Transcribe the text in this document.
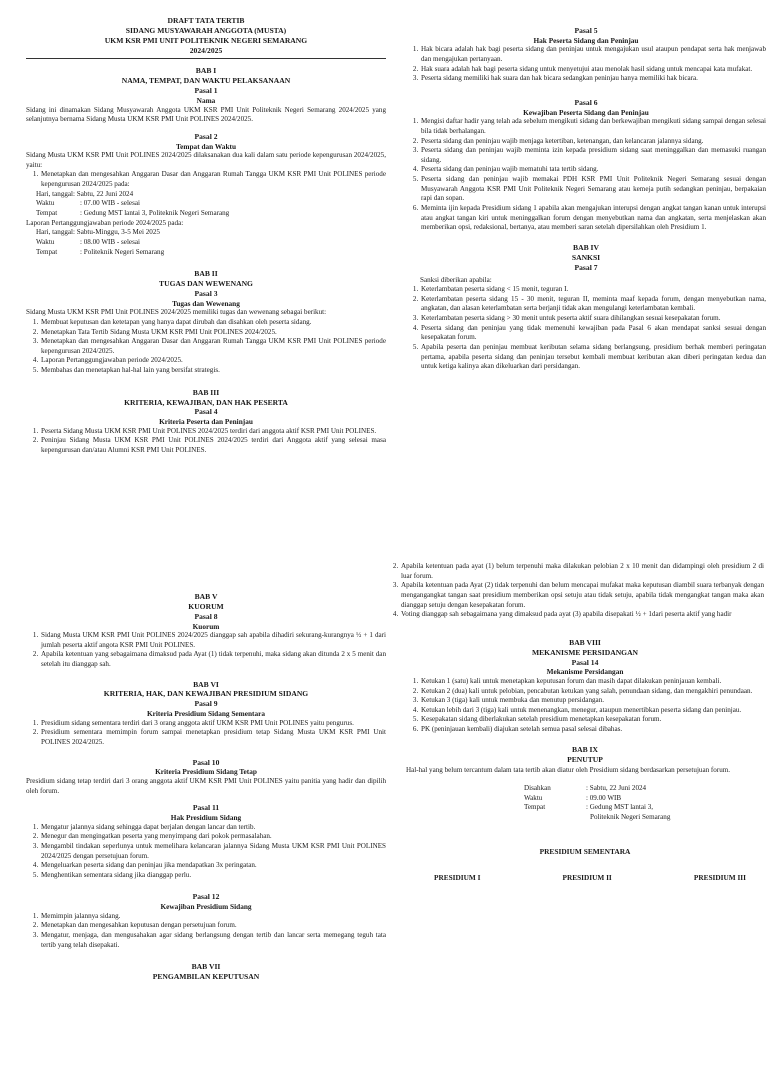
DRAFT TATA TERTIB
SIDANG MUSYAWARAH ANGGOTA (MUSTA)
UKM KSR PMI UNIT POLITEKNIK NEGERI SEMARANG
2024/2025
BAB I
NAMA, TEMPAT, DAN WAKTU PELAKSANAAN
Pasal 1
Nama

Sidang ini dinamakan Sidang Musyawarah Anggota UKM KSR PMI Unit Politeknik Negeri Semarang 2024/2025 yang selanjutnya bernama Sidang Musta UKM KSR PMI Unit POLINES 2024/2025.

Pasal 2
Tempat dan Waktu

Sidang Musta UKM KSR PMI Unit POLINES 2024/2025 dilaksanakan dua kali dalam satu periode kepengurusan 2024/2025, yaitu:

1. Menetapkan dan mengesahkan Anggaran Dasar dan Anggaran Rumah Tangga UKM KSR PMI Unit POLINES periode kepengurusan 2024/2025 pada:
Hari, tanggal: Sabtu, 22 Juni 2024
Waktu	: 07.00 WIB - selesai
Tempat	: Gedung MST lantai 3, Politeknik Negeri Semarang
Laporan Pertanggungjawaban periode 2024/2025 pada:
Hari, tanggal: Sabtu-Minggu, 3-5 Mei 2025
Waktu	: 08.00 WIB - selesai
Tempat	: Politeknik Negeri Semarang
BAB II
TUGAS DAN WEWENANG
Pasal 3
Tugas dan Wewenang

Sidang Musta UKM KSR PMI Unit POLINES 2024/2025 memiliki tugas dan wewenang sebagai berikut:

1. Membuat keputusan dan ketetapan yang hanya dapat dirubah dan disahkan oleh peserta sidang.
2. Menetapkan Tata Tertib Sidang Musta UKM KSR PMI Unit POLINES 2024/2025.
3. Menetapkan dan mengesahkan Anggaran Dasar dan Anggaran Rumah Tangga UKM KSR PMI Unit POLINES periode kepengurusan 2024/2025.
4. Laporan Pertanggungjawaban periode 2024/2025.
5. Membahas dan menetapkan hal-hal lain yang bersifat strategis.
BAB III
KRITERIA, KEWAJIBAN, DAN HAK PESERTA
Pasal 4
Kriteria Peserta dan Peninjau
1. Peserta Sidang Musta UKM KSR PMI Unit POLINES 2024/2025 terdiri dari anggota aktif KSR PMI Unit POLINES.
2. Peninjau Sidang Musta UKM KSR PMI Unit POLINES 2024/2025 terdiri dari Anggota aktif yang selesai masa kepengurusan dan/atau Alumni KSR PMI Unit POLINES.
Pasal 5
Hak Peserta Sidang dan Peninjau
1. Hak bicara adalah hak bagi peserta sidang dan peninjau untuk mengajukan usul ataupun pendapat serta hak menjawab dan mengajukan pertanyaan.
2. Hak suara adalah hak bagi peserta sidang untuk menyetujui atau menolak hasil sidang untuk mencapai kata mufakat.
3. Peserta sidang memiliki hak suara dan hak bicara sedangkan peninjau hanya memiliki hak bicara.
Pasal 6
Kewajiban Peserta Sidang dan Peninjau
1. Mengisi daftar hadir yang telah ada sebelum mengikuti sidang dan berkewajiban mengikuti sidang sampai dengan selesai bila tidak berhalangan.
2. Peserta sidang dan peninjau wajib menjaga ketertiban, ketenangan, dan kelancaran jalannya sidang.
3. Peserta sidang dan peninjau wajib meminta izin kepada presidium sidang saat meninggalkan dan memasuki ruangan sidang.
4. Peserta sidang dan peninjau wajib mematuhi tata tertib sidang.
5. Peserta sidang dan peninjau wajib memakai PDH KSR PMI Unit Politeknik Negeri Semarang sesuai dengan Musyawarah Anggota KSR PMI Unit Politeknik Negeri Semarang atau kemeja putih sedangkan peninjau, berpakaian rapi dan sopan.
6. Meminta ijin kepada Presidium sidang 1 apabila akan mengajukan interupsi dengan angkat tangan kanan untuk interupsi atau angkat tangan kiri untuk meninggalkan forum dengan menyebutkan nama dan angkatan, serta menjelaskan akan memberikan opsi, redaksional, bertanya, atau memberi saran setelah dipersilahkan oleh Presidium 1.
BAB IV
SANKSI
Pasal 7

Sanksi diberikan apabila:

1. Keterlambatan peserta sidang < 15 menit, teguran I.
2. Keterlambatan peserta sidang 15 - 30 menit, teguran II, meminta maaf kepada forum, dengan menyebutkan nama, angkatan, dan alasan keterlambatan serta berjanji tidak akan mengulangi keterlambatan kembali.
3. Keterlambatan peserta sidang > 30 menit untuk peserta aktif suara dihilangkan sesuai kesepakatan forum.
4. Peserta sidang dan peninjau yang tidak memenuhi kewajiban pada Pasal 6 akan mendapat sanksi sesuai dengan kesepakatan forum.
5. Apabila peserta dan peninjau membuat keributan selama sidang berlangsung, presidium berhak memberi peringatan pertama, apabila peserta sidang dan peninjau tersebut kembali membuat keributan akan diberi peringatan kedua dan untuk ketiga kalinya akan dikeluarkan dari persidangan.
BAB V
KUORUM
Pasal 8
Kuorum
1. Sidang Musta UKM KSR PMI Unit POLINES 2024/2025 dianggap sah apabila dihadiri sekurang-kurangnya ½ + 1 dari jumlah peserta aktif angota KSR PMI Unit POLINES.
2. Apabila ketentuan yang sebagaimana dimaksud pada Ayat (1) tidak terpenuhi, maka sidang akan ditunda 2 x 5 menit dan setelah itu dianggap sah.
BAB VI
KRITERIA, HAK, DAN KEWAJIBAN PRESIDIUM SIDANG
Pasal 9
Kriteria Presidium Sidang Sementara
1. Presidium sidang sementara terdiri dari 3 orang anggota aktif UKM KSR PMI Unit POLINES yaitu pengurus.
2. Presidium sementara memimpin forum sampai menetapkan presidium tetap Sidang Musta UKM KSR PMI Unit POLINES 2024/2025.
Pasal 10
Kriteria Presidium Sidang Tetap

Presidium sidang tetap terdiri dari 3 orang anggota aktif UKM KSR PMI Unit POLINES yaitu panitia yang hadir dan dipilih oleh forum.

Pasal 11
Hak Presidium Sidang
1. Mengatur jalannya sidang sehingga dapat berjalan dengan lancar dan tertib.
2. Menegur dan mengingatkan peserta yang menyimpang dari pokok permasalahan.
3. Mengambil tindakan seperlunya untuk memelihara kelancaran jalannya Sidang Musta UKM KSR PMI Unit POLINES 2024/2025 dengan persetujuan forum.
4. Mengeluarkan peserta sidang dan peninjau jika mendapatkan 3x peringatan.
5. Menghentikan sementara sidang jika dianggap perlu.
Pasal 12
Kewajiban Presidium Sidang
1. Memimpin jalannya sidang.
2. Menetapkan dan mengesahkan keputusan dengan persetujuan forum.
3. Mengatur, menjaga, dan mengusahakan agar sidang berlangsung dengan tertib dan lancar serta memegang teguh tata tertib yang telah disepakati.
BAB VII
PENGAMBILAN KEPUTUSAN
2. Apabila ketentuan pada ayat (1) belum terpenuhi maka dilakukan pelobian 2 x 10 menit dan didampingi oleh presidium 2 di luar forum.
3. Apabila ketentuan pada Ayat (2) tidak terpenuhi dan belum mencapai mufakat maka keputusan diambil suara terbanyak dengan mengangangkat tangan saat presidium memberikan opsi setuju atau tidak setuju, apabila tidak mengangkat tangan maka akan dianggap setuju dengan kesepakatan forum.
4. Voting dianggap sah sebagaimana yang dimaksud pada ayat (3) apabila disepakati ½ + 1dari peserta aktif yang hadir
BAB VIII
MEKANISME PERSIDANGAN
Pasal 14
Mekanisme Persidangan
1. Ketukan 1 (satu) kali untuk menetapkan keputusan forum dan masih dapat dilakukan peninjauan kembali.
2. Ketukan 2 (dua) kali untuk pelobian, pencabutan ketukan yang salah, penundaan sidang, dan mengakhiri penundaan.
3. Ketukan 3 (tiga) kali untuk membuka dan menutup persidangan.
4. Ketukan lebih dari 3 (tiga) kali untuk menenangkan, menegur, ataupun menertibkan peserta sidang dan peninjau.
5. Kesepakatan sidang diberlakukan setelah presidium menetapkan kesepakatan forum.
6. PK (peninjauan kembali) diajukan setelah semua pasal selesai dibahas.
BAB IX
PENUTUP

Hal-hal yang belum tercantum dalam tata tertib akan diatur oleh Presidium sidang berdasarkan persetujuan forum.

Disahkan	: Sabtu, 22 Juni 2024
Waktu	: 09.00 WIB
Tempat	: Gedung MST lantai 3,
Politeknik Negeri Semarang
PRESIDIUM SEMENTARA
PRESIDIUM I	PRESIDIUM II	PRESIDIUM III
